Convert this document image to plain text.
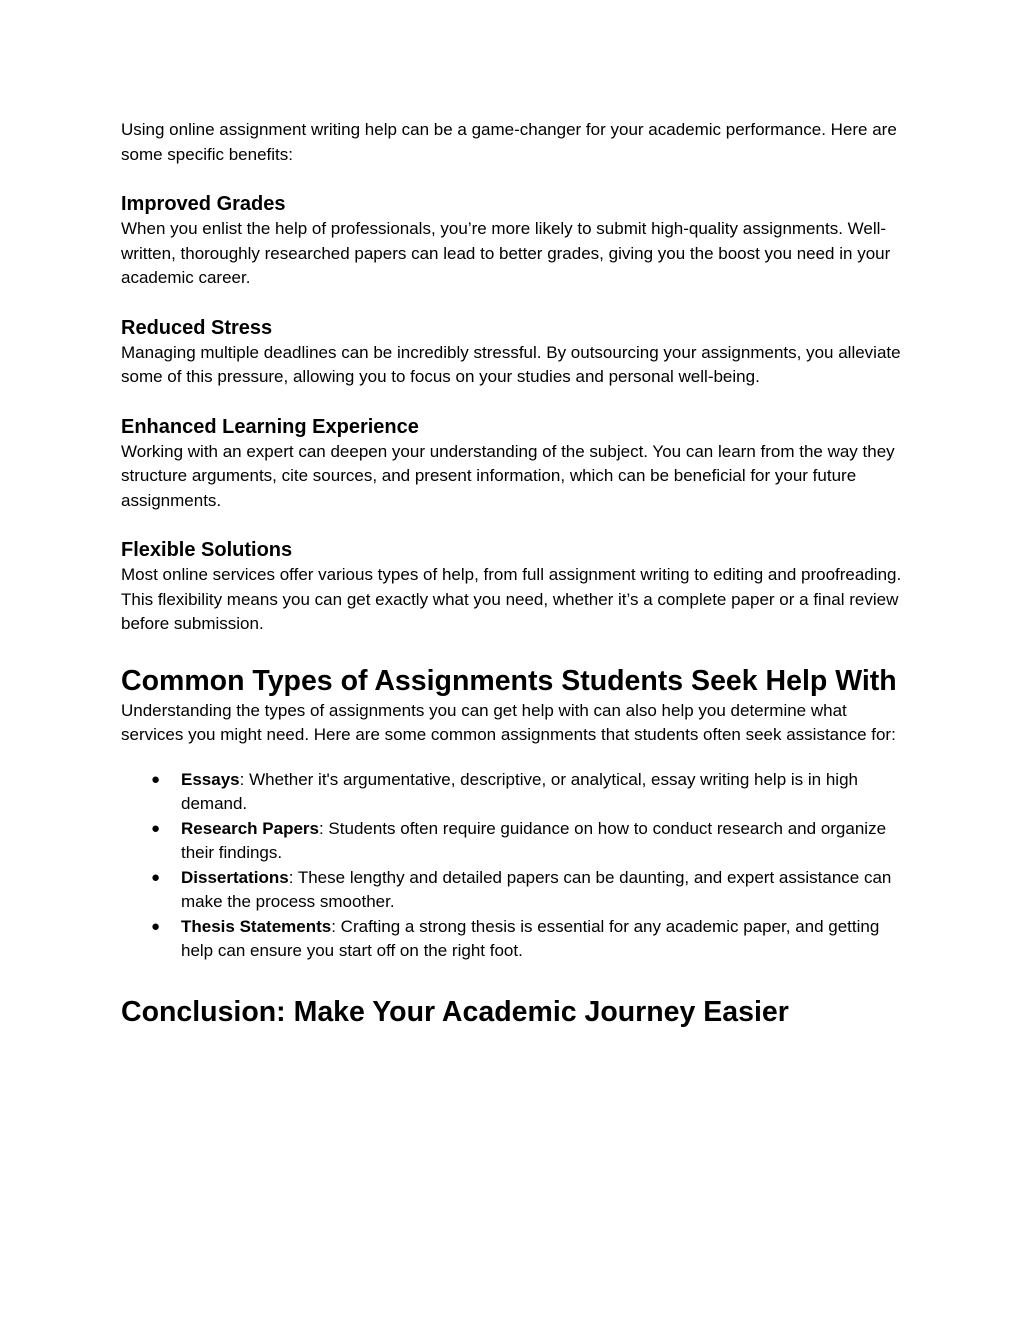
Using online assignment writing help can be a game-changer for your academic performance. Here are some specific benefits:

Improved Grades

When you enlist the help of professionals, you’re more likely to submit high-quality assignments. Well-written, thoroughly researched papers can lead to better grades, giving you the boost you need in your academic career.

Reduced Stress

Managing multiple deadlines can be incredibly stressful. By outsourcing your assignments, you alleviate some of this pressure, allowing you to focus on your studies and personal well-being.

Enhanced Learning Experience

Working with an expert can deepen your understanding of the subject. You can learn from the way they structure arguments, cite sources, and present information, which can be beneficial for your future assignments.

Flexible Solutions

Most online services offer various types of help, from full assignment writing to editing and proofreading. This flexibility means you can get exactly what you need, whether it’s a complete paper or a final review before submission.

Common Types of Assignments Students Seek Help With

Understanding the types of assignments you can get help with can also help you determine what services you might need. Here are some common assignments that students often seek assistance for:

● Essays: Whether it's argumentative, descriptive, or analytical, essay writing help is in high demand.
● Research Papers: Students often require guidance on how to conduct research and organize their findings.
● Dissertations: These lengthy and detailed papers can be daunting, and expert assistance can make the process smoother.
● Thesis Statements: Crafting a strong thesis is essential for any academic paper, and getting help can ensure you start off on the right foot.
Conclusion: Make Your Academic Journey Easier
